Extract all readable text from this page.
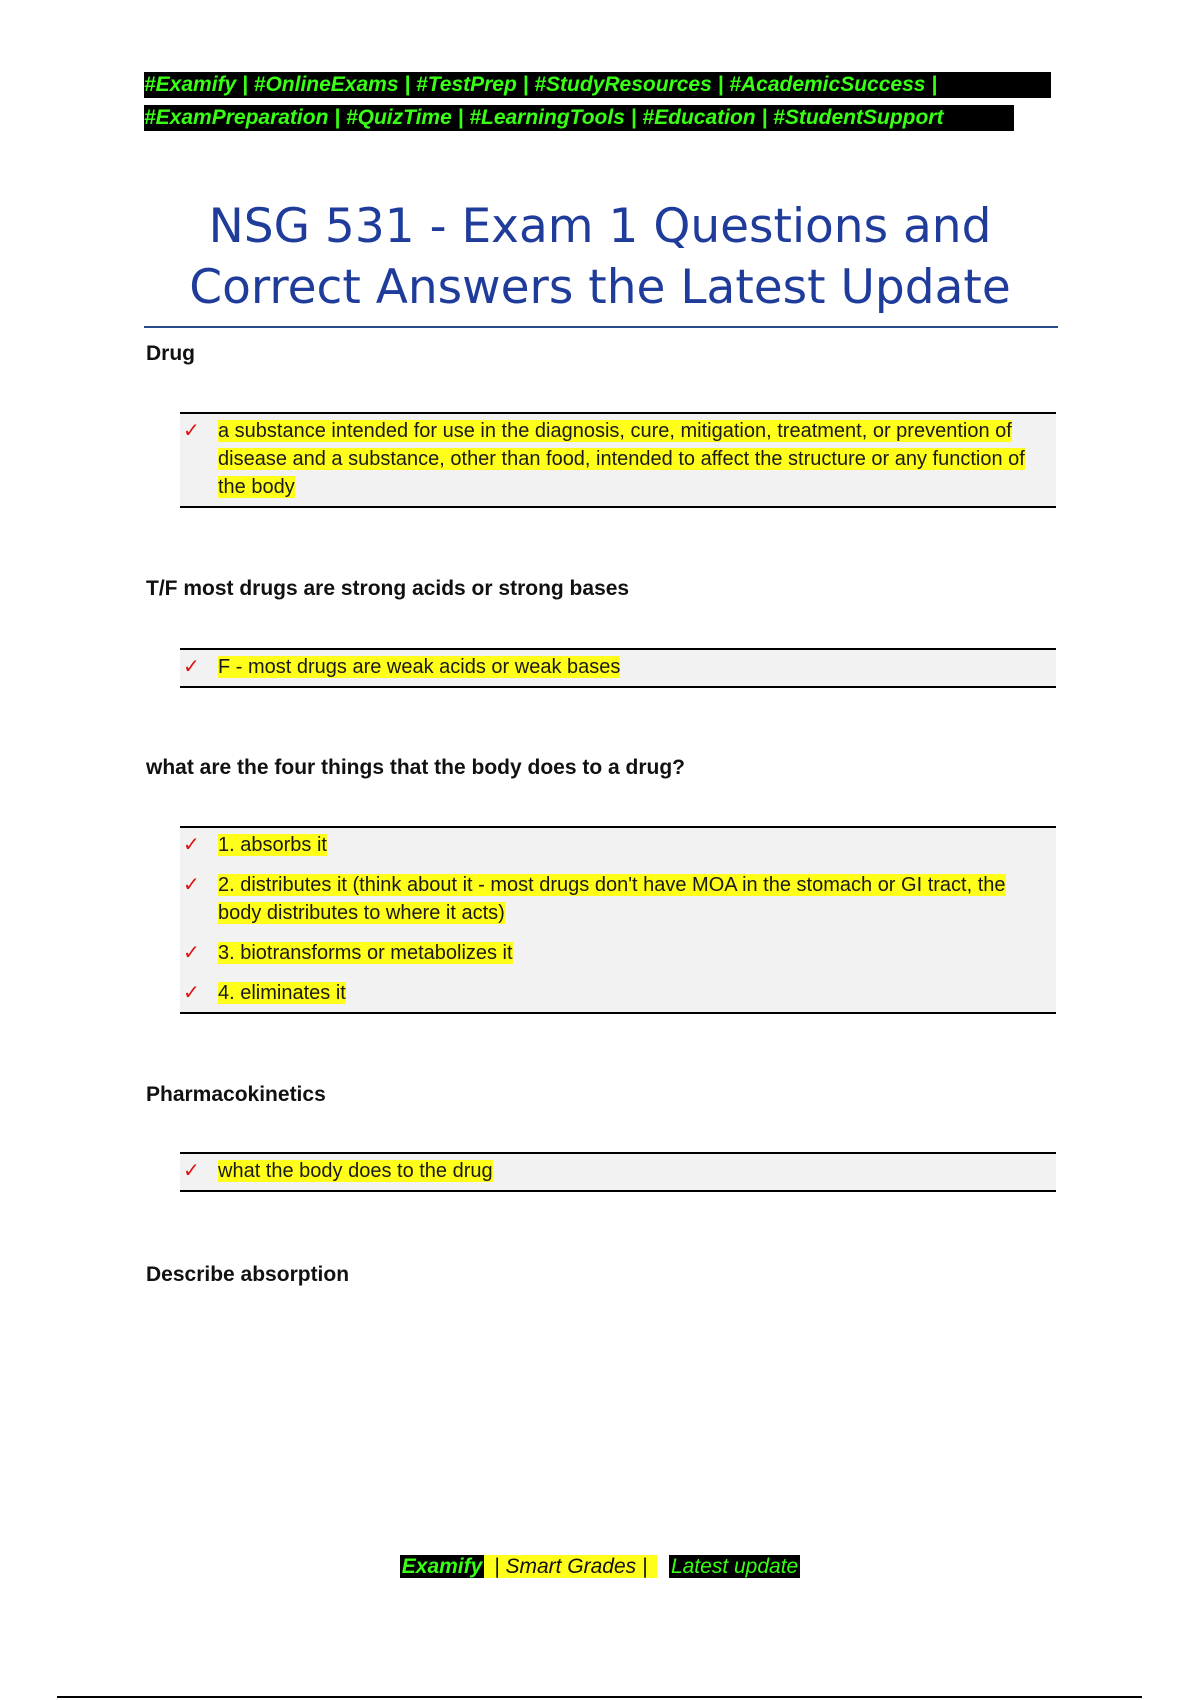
#Examify | #OnlineExams | #TestPrep | #StudyResources | #AcademicSuccess |
#ExamPreparation | #QuizTime | #LearningTools | #Education | #StudentSupport
NSG 531 - Exam 1 Questions and
Correct Answers the Latest Update
Drug
✓ a substance intended for use in the diagnosis, cure, mitigation, treatment, or prevention of disease and a substance, other than food, intended to affect the structure or any function of the body
T/F most drugs are strong acids or strong bases
✓ F - most drugs are weak acids or weak bases
what are the four things that the body does to a drug?
✓ 1. absorbs it
✓ 2. distributes it (think about it - most drugs don't have MOA in the stomach or GI tract, the body distributes to where it acts)
✓ 3. biotransforms or metabolizes it
✓ 4. eliminates it
Pharmacokinetics
✓ what the body does to the drug
Describe absorption
Examify | Smart Grades |   Latest update
